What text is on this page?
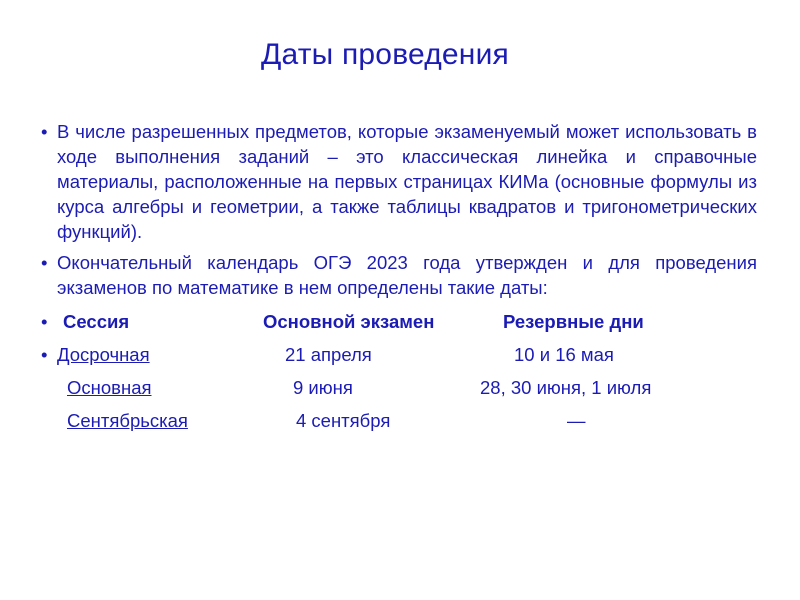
Даты проведения

• В числе разрешенных предметов, которые экзаменуемый может использовать в ходе выполнения заданий – это классическая линейка и справочные материалы, расположенные на первых страницах КИМа (основные формулы из курса алгебры и геометрии, а также таблицы квадратов и тригонометрических функций).

• Окончательный календарь ОГЭ 2023 года утвержден и для проведения экзаменов по математике в нем определены такие даты:

• Сессия	Основной экзамен	Резервные дни
• Досрочная	21 апреля	10 и 16 мая
Основная	9 июня	28, 30 июня, 1 июля
Сентябрьская	4 сентября	—
